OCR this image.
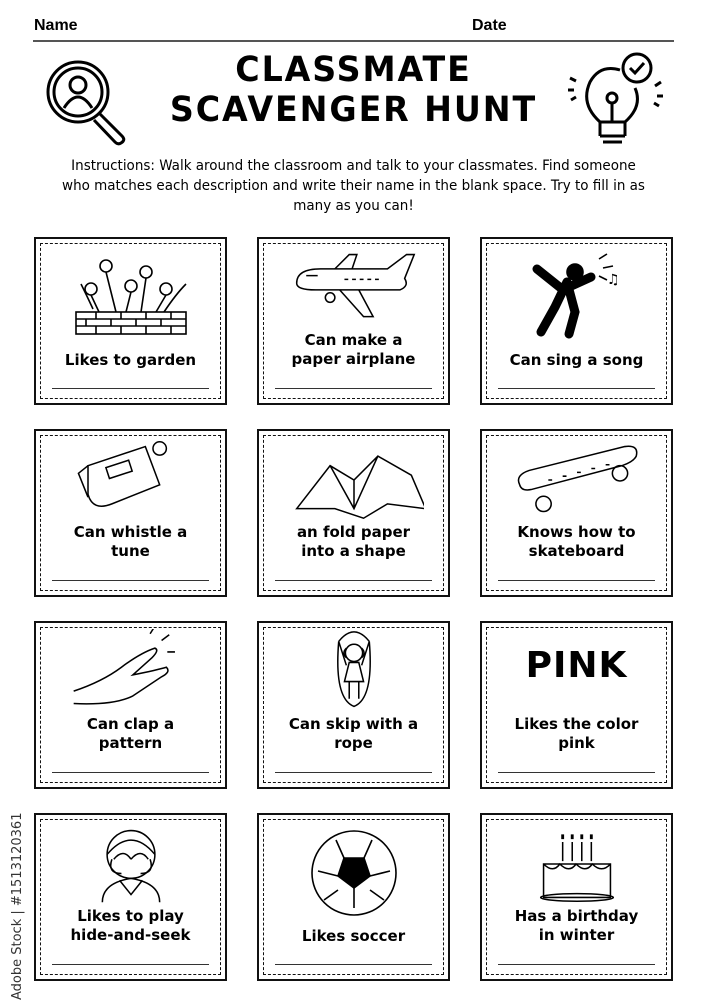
Name	Date
CLASSMATE
SCAVENGER HUNT
Instructions: Walk around the classroom and talk to your classmates. Find someone who matches each description and write their name in the blank space. Try to fill in as many as you can!
Likes to garden
Can make a paper airplane
♫
Can sing a song
Can whistle a tune
an fold paper into a shape
Knows how to skateboard
Can clap a pattern
Can skip with a rope
PINK
Likes the color pink
Likes to play hide-and-seek	Likes soccer
Has a birthday in winter
Adobe Stock | #1513120361
